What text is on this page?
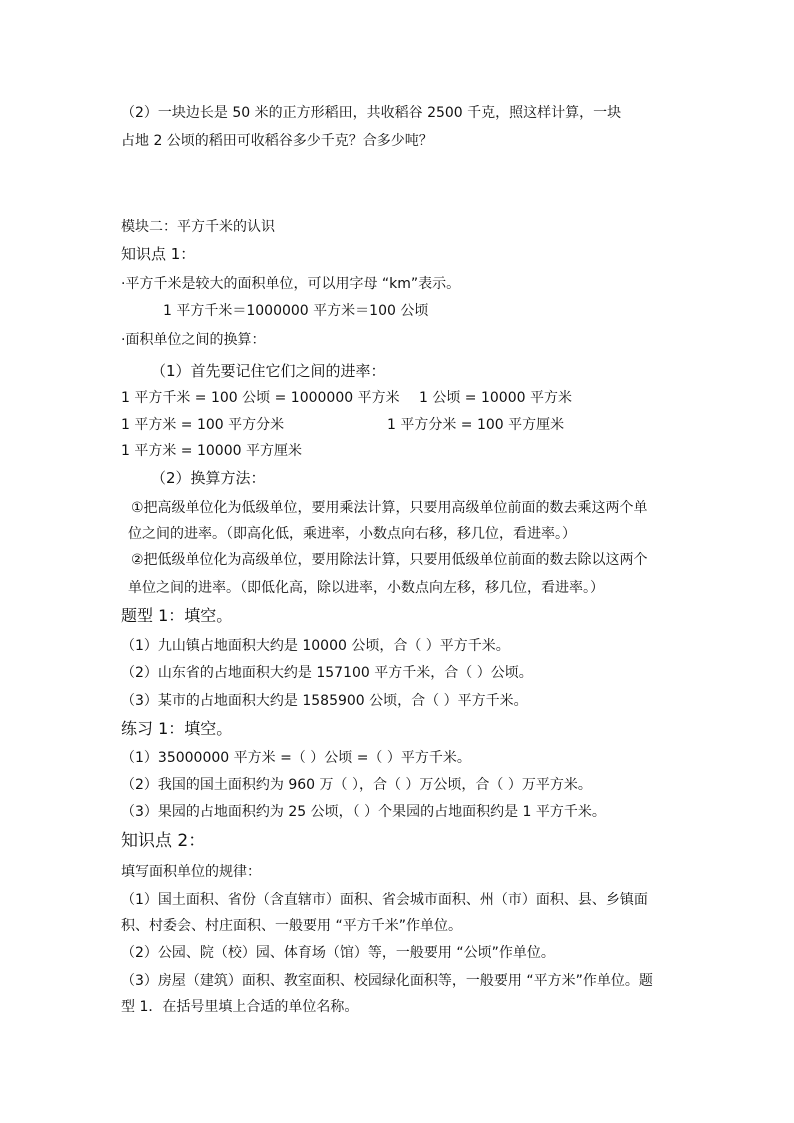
（2）一块边长是 50 米的正方形稻田，共收稻谷 2500 千克，照这样计算，一块
占地 2 公顷的稻田可收稻谷多少千克？合多少吨？
模块二：平方千米的认识
知识点 1：
·平方千米是较大的面积单位，可以用字母 “km”表示。
1 平方千米＝1000000 平方米＝100 公顷
·面积单位之间的换算：
（1）首先要记住它们之间的进率：
1 平方千米 = 100 公顷 = 1000000 平方米 1 公顷 = 10000 平方米
1 平方米 = 100 平方分米	1 平方分米 = 100 平方厘米
1 平方米 = 10000 平方厘米
（2）换算方法：
①把高级单位化为低级单位，要用乘法计算，只要用高级单位前面的数去乘这两个单
位之间的进率。（即高化低，乘进率，小数点向右移，移几位，看进率。）
②把低级单位化为高级单位，要用除法计算，只要用低级单位前面的数去除以这两个
单位之间的进率。（即低化高，除以进率，小数点向左移，移几位，看进率。）
题型 1：填空。
（1）九山镇占地面积大约是 10000 公顷，合（ ）平方千米。
（2）山东省的占地面积大约是 157100 平方千米，合（ ）公顷。
（3）某市的占地面积大约是 1585900 公顷，合（ ）平方千米。
练习 1：填空。
（1）35000000 平方米 =（ ）公顷 =（ ）平方千米。
（2）我国的国土面积约为 960 万（ ），合（ ）万公顷，合（ ）万平方米。
（3）果园的占地面积约为 25 公顷，（ ）个果园的占地面积约是 1 平方千米。
知识点 2：
填写面积单位的规律：
（1）国土面积、省份（含直辖市）面积、省会城市面积、州（市）面积、县、乡镇面
积、村委会、村庄面积、一般要用 “平方千米”作单位。
（2）公园、院（校）园、体育场（馆）等，一般要用 “公顷”作单位。
（3）房屋（建筑）面积、教室面积、校园绿化面积等，一般要用 “平方米”作单位。题
型 1．在括号里填上合适的单位名称。
